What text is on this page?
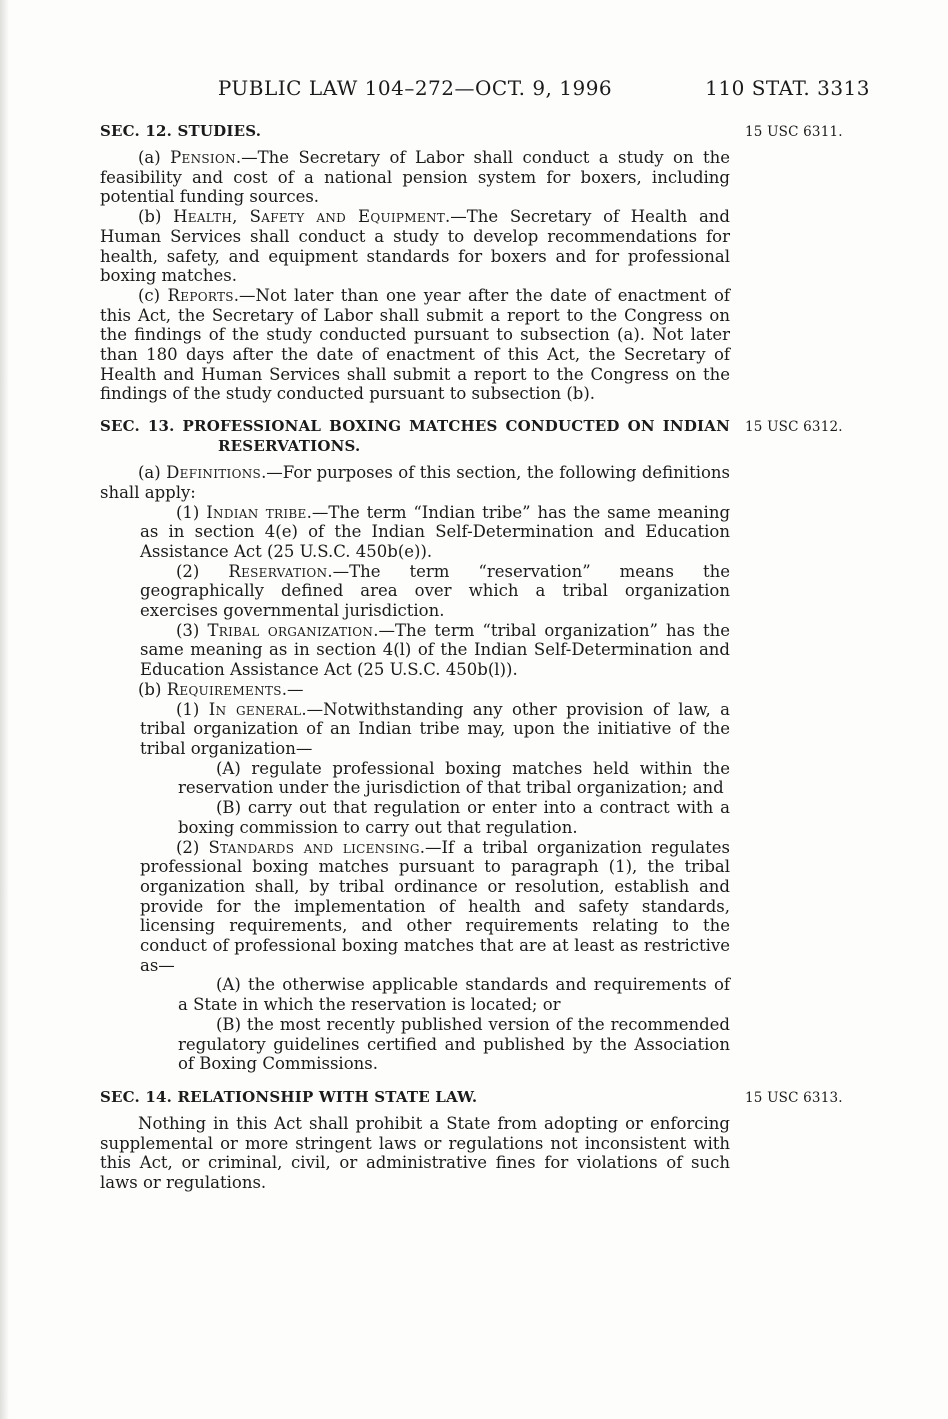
PUBLIC LAW 104–272—OCT. 9, 1996	110 STAT. 3313
15 USC 6311.
SEC. 12. STUDIES.

(a) Pension.—The Secretary of Labor shall conduct a study on the feasibility and cost of a national pension system for boxers, including potential funding sources.

(b) Health, Safety and Equipment.—The Secretary of Health and Human Services shall conduct a study to develop recommendations for health, safety, and equipment standards for boxers and for professional boxing matches.

(c) Reports.—Not later than one year after the date of enactment of this Act, the Secretary of Labor shall submit a report to the Congress on the findings of the study conducted pursuant to subsection (a). Not later than 180 days after the date of enactment of this Act, the Secretary of Health and Human Services shall submit a report to the Congress on the findings of the study conducted pursuant to subsection (b).

15 USC 6312.
SEC. 13. PROFESSIONAL BOXING MATCHES CONDUCTED ON INDIAN
RESERVATIONS.

(a) Definitions.—For purposes of this section, the following definitions shall apply:

(1) Indian tribe.—The term “Indian tribe” has the same meaning as in section 4(e) of the Indian Self-Determination and Education Assistance Act (25 U.S.C. 450b(e)).

(2) Reservation.—The term “reservation” means the geographically defined area over which a tribal organization exercises governmental jurisdiction.

(3) Tribal organization.—The term “tribal organization” has the same meaning as in section 4(l) of the Indian Self-Determination and Education Assistance Act (25 U.S.C. 450b(l)).

(b) Requirements.—

(1) In general.—Notwithstanding any other provision of law, a tribal organization of an Indian tribe may, upon the initiative of the tribal organization—

(A) regulate professional boxing matches held within the reservation under the jurisdiction of that tribal organization; and

(B) carry out that regulation or enter into a contract with a boxing commission to carry out that regulation.

(2) Standards and licensing.—If a tribal organization regulates professional boxing matches pursuant to paragraph (1), the tribal organization shall, by tribal ordinance or resolution, establish and provide for the implementation of health and safety standards, licensing requirements, and other requirements relating to the conduct of professional boxing matches that are at least as restrictive as—

(A) the otherwise applicable standards and requirements of a State in which the reservation is located; or

(B) the most recently published version of the recommended regulatory guidelines certified and published by the Association of Boxing Commissions.

15 USC 6313.
SEC. 14. RELATIONSHIP WITH STATE LAW.

Nothing in this Act shall prohibit a State from adopting or enforcing supplemental or more stringent laws or regulations not inconsistent with this Act, or criminal, civil, or administrative fines for violations of such laws or regulations.
